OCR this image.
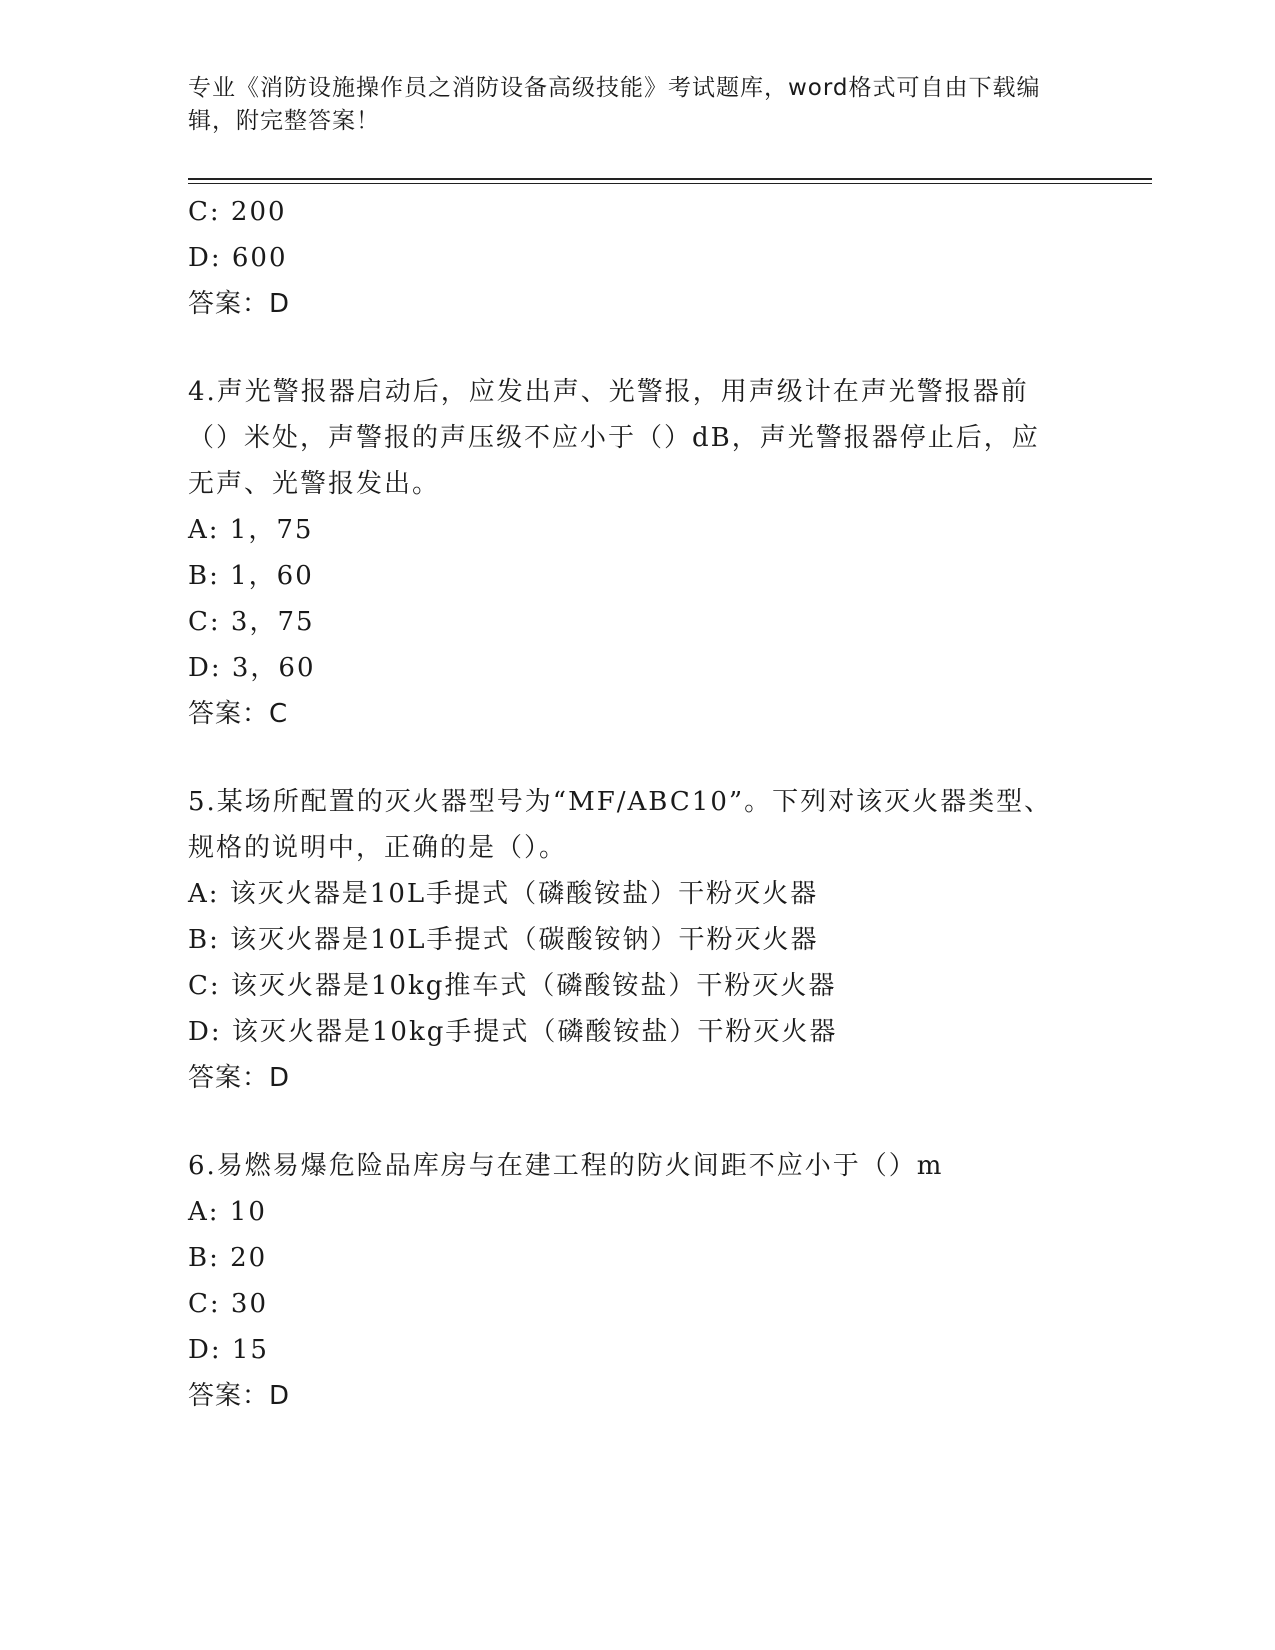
专业《消防设施操作员之消防设备高级技能》考试题库，word格式可自由下载编辑，附完整答案！
C: 200
D: 600
答案：D
4.声光警报器启动后，应发出声、光警报，用声级计在声光警报器前
（）米处，声警报的声压级不应小于（）dB，声光警报器停止后，应
无声、光警报发出。
A: 1，75
B: 1，60
C: 3，75
D: 3，60
答案：C
5.某场所配置的灭火器型号为“MF/ABC10”。下列对该灭火器类型、
规格的说明中，正确的是（）。
A: 该灭火器是10L手提式（磷酸铵盐）干粉灭火器
B: 该灭火器是10L手提式（碳酸铵钠）干粉灭火器
C: 该灭火器是10kg推车式（磷酸铵盐）干粉灭火器
D: 该灭火器是10kg手提式（磷酸铵盐）干粉灭火器
答案：D
6.易燃易爆危险品库房与在建工程的防火间距不应小于（）m
A: 10
B: 20
C: 30
D: 15
答案：D
